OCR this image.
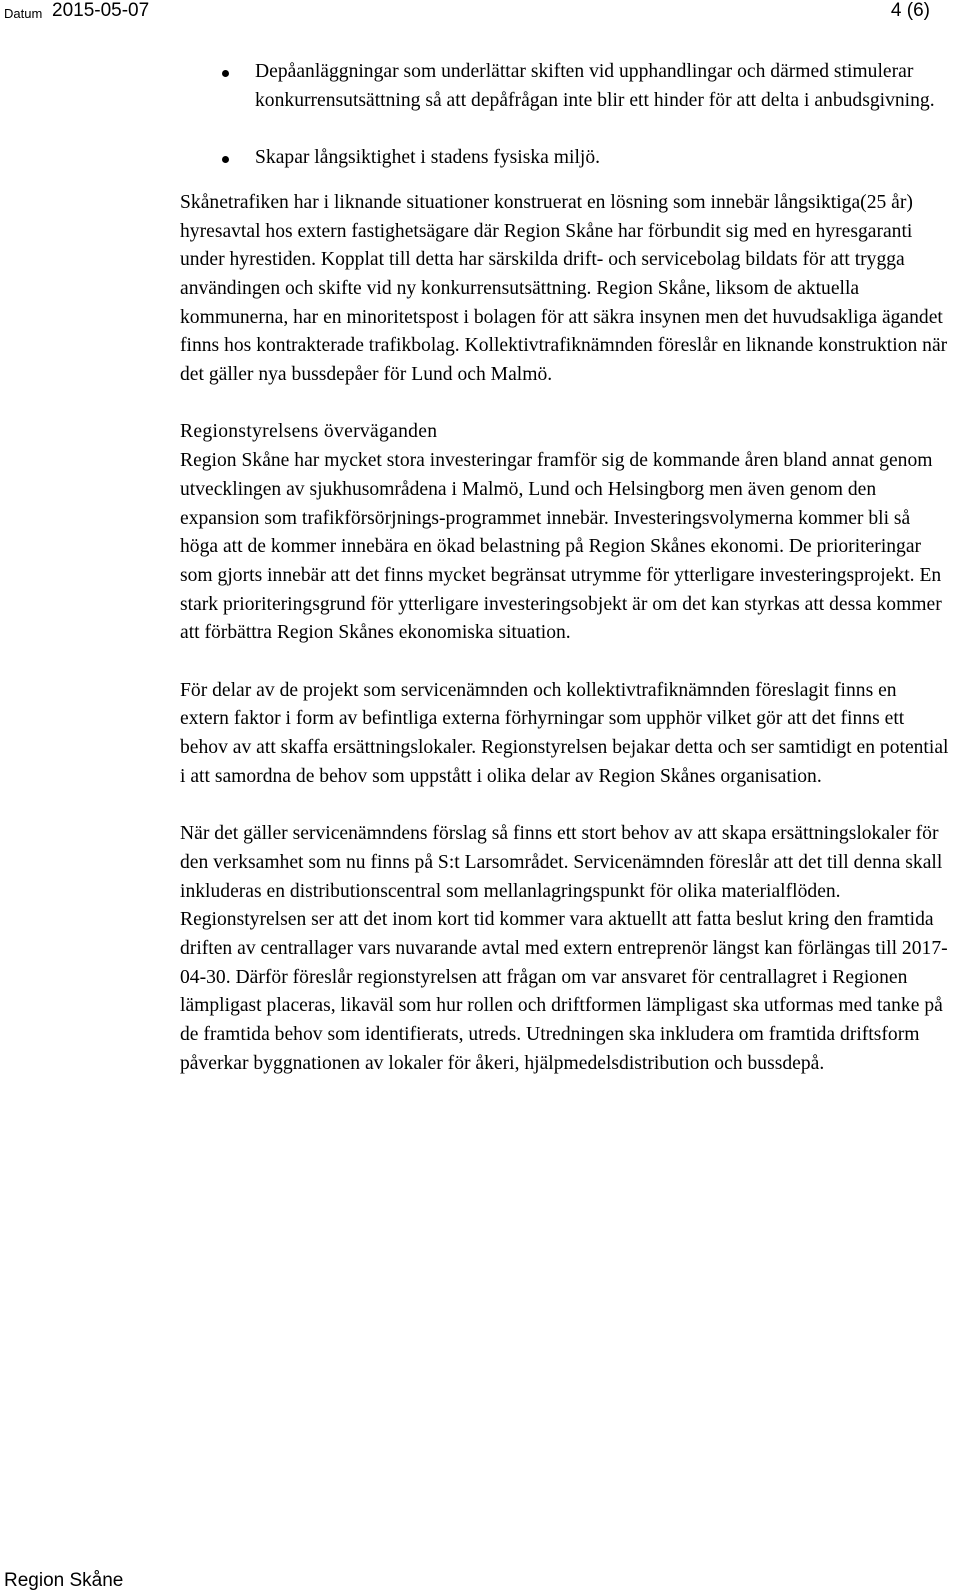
Datum 2015-05-07	4 (6)
Depåanläggningar som underlättar skiften vid upphandlingar och därmed stimulerar konkurrensutsättning så att depåfrågan inte blir ett hinder för att delta i anbudsgivning.
Skapar långsiktighet i stadens fysiska miljö.

Skånetrafiken har i liknande situationer konstruerat en lösning som innebär långsiktiga(25 år) hyresavtal hos extern fastighetsägare där Region Skåne har förbundit sig med en hyresgaranti under hyrestiden. Kopplat till detta har särskilda drift- och servicebolag bildats för att trygga användingen och skifte vid ny konkurrensutsättning. Region Skåne, liksom de aktuella kommunerna, har en minoritetspost i bolagen för att säkra insynen men det huvudsakliga ägandet finns hos kontrakterade trafikbolag. Kollektivtrafiknämnden föreslår en liknande konstruktion när det gäller nya bussdepåer för Lund och Malmö.

Regionstyrelsens överväganden

Region Skåne har mycket stora investeringar framför sig de kommande åren bland annat genom utvecklingen av sjukhusområdena i Malmö, Lund och Helsingborg men även genom den expansion som trafikförsörjnings-programmet innebär. Investeringsvolymerna kommer bli så höga att de kommer innebära en ökad belastning på Region Skånes ekonomi. De prioriteringar som gjorts innebär att det finns mycket begränsat utrymme för ytterligare investeringsprojekt. En stark prioriteringsgrund för ytterligare investeringsobjekt är om det kan styrkas att dessa kommer att förbättra Region Skånes ekonomiska situation.

För delar av de projekt som servicenämnden och kollektivtrafiknämnden föreslagit finns en extern faktor i form av befintliga externa förhyrningar som upphör vilket gör att det finns ett behov av att skaffa ersättningslokaler. Regionstyrelsen bejakar detta och ser samtidigt en potential i att samordna de behov som uppstått i olika delar av Region Skånes organisation.

När det gäller servicenämndens förslag så finns ett stort behov av att skapa ersättningslokaler för den verksamhet som nu finns på S:t Larsområdet. Servicenämnden föreslår att det till denna skall inkluderas en distributionscentral som mellanlagringspunkt för olika materialflöden. Regionstyrelsen ser att det inom kort tid kommer vara aktuellt att fatta beslut kring den framtida driften av centrallager vars nuvarande avtal med extern entreprenör längst kan förlängas till 2017-04-30. Därför föreslår regionstyrelsen att frågan om var ansvaret för centrallagret i Regionen lämpligast placeras, likaväl som hur rollen och driftformen lämpligast ska utformas med tanke på de framtida behov som identifierats, utreds. Utredningen ska inkludera om framtida driftsform påverkar byggnationen av lokaler för åkeri, hjälpmedelsdistribution och bussdepå.

Region Skåne
